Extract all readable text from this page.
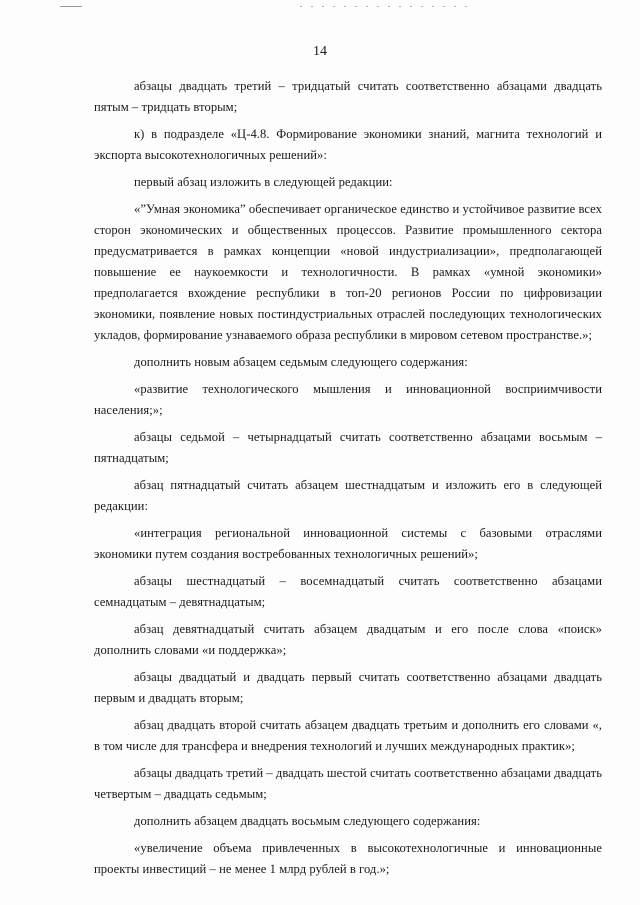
14

абзацы двадцать третий – тридцатый считать соответственно абзацами двадцать пятым – тридцать вторым;

к) в подразделе «Ц-4.8. Формирование экономики знаний, магнита технологий и экспорта высокотехнологичных решений»:

первый абзац изложить в следующей редакции:

«”Умная экономика” обеспечивает органическое единство и устойчивое развитие всех сторон экономических и общественных процессов. Развитие промышленного сектора предусматривается в рамках концепции «новой индустриализации», предполагающей повышение ее наукоемкости и технологичности. В рамках «умной экономики» предполагается вхождение республики в топ-20 регионов России по цифровизации экономики, появление новых постиндустриальных отраслей последующих технологических укладов, формирование узнаваемого образа республики в мировом сетевом пространстве.»;

дополнить новым абзацем седьмым следующего содержания:

«развитие технологического мышления и инновационной восприимчивости населения;»;

абзацы седьмой – четырнадцатый считать соответственно абзацами восьмым – пятнадцатым;

абзац пятнадцатый считать абзацем шестнадцатым и изложить его в следующей редакции:

«интеграция региональной инновационной системы с базовыми отраслями экономики путем создания востребованных технологичных решений»;

абзацы шестнадцатый – восемнадцатый считать соответственно абзацами семнадцатым – девятнадцатым;

абзац девятнадцатый считать абзацем двадцатым и его после слова «поиск» дополнить словами «и поддержка»;

абзацы двадцатый и двадцать первый считать соответственно абзацами двадцать первым и двадцать вторым;

абзац двадцать второй считать абзацем двадцать третьим и дополнить его словами «, в том числе для трансфера и внедрения технологий и лучших международных практик»;

абзацы двадцать третий – двадцать шестой считать соответственно абзацами двадцать четвертым – двадцать седьмым;

дополнить абзацем двадцать восьмым следующего содержания:

«увеличение объема привлеченных в высокотехнологичные и инновационные проекты инвестиций – не менее 1 млрд рублей в год.»;
